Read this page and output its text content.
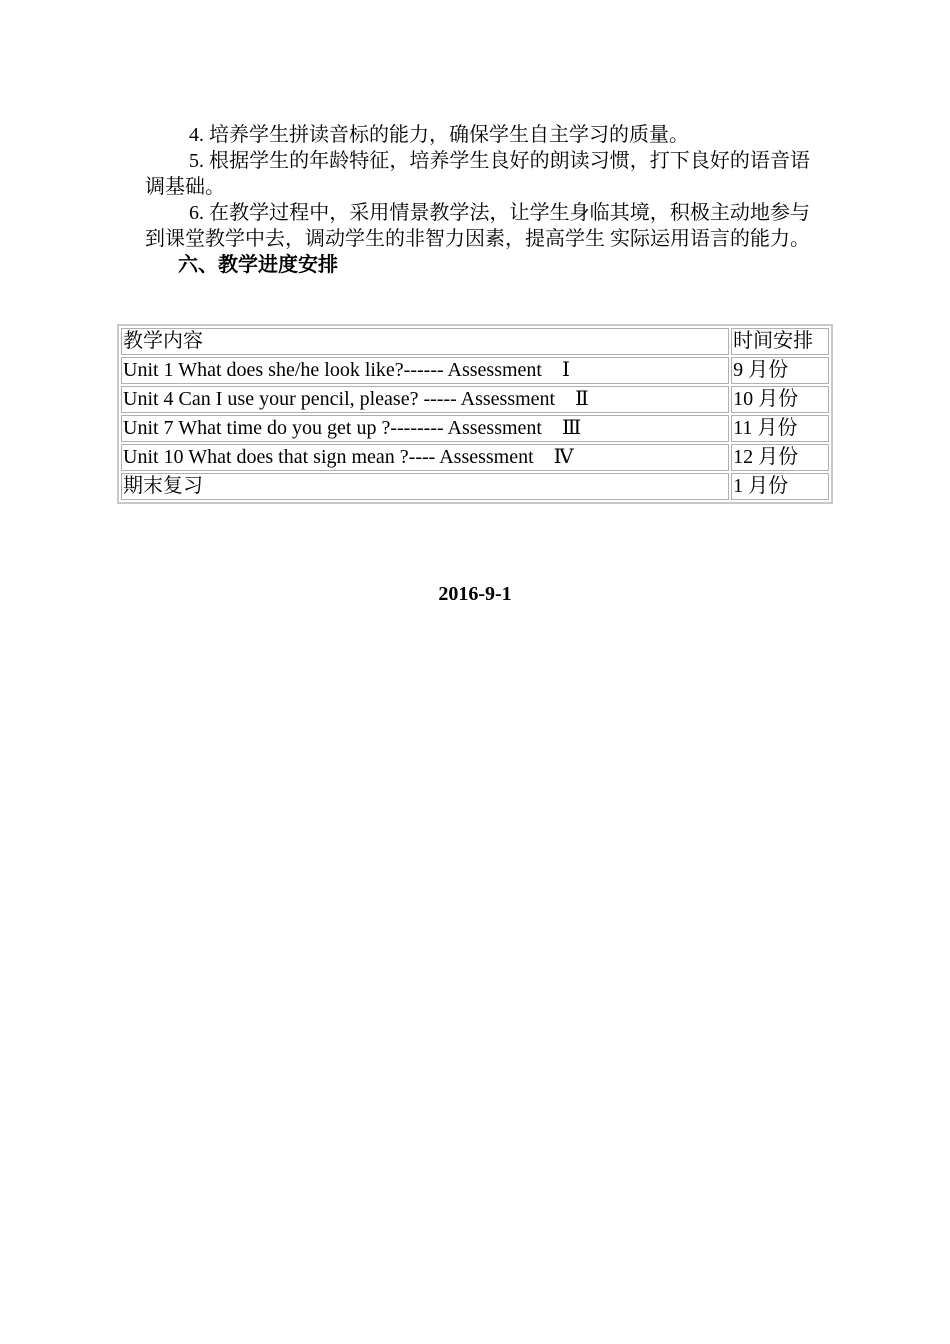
4. 培养学生拼读音标的能力，确保学生自主学习的质量。

5. 根据学生的年龄特征，培养学生良好的朗读习惯，打下良好的语音语调基础。

6. 在教学过程中，采用情景教学法，让学生身临其境，积极主动地参与到课堂教学中去，调动学生的非智力因素，提高学生 实际运用语言的能力。

六、教学进度安排

教学内容	时间安排
Unit 1 What does she/he look like?------ Assessment　Ⅰ	9 月份
Unit 4 Can I use your pencil, please? ----- Assessment　Ⅱ	10 月份
Unit 7 What time do you get up ?-------- Assessment　Ⅲ	11 月份
Unit 10 What does that sign mean ?---- Assessment　Ⅳ	12 月份
期末复习	1 月份

2016-9-1
